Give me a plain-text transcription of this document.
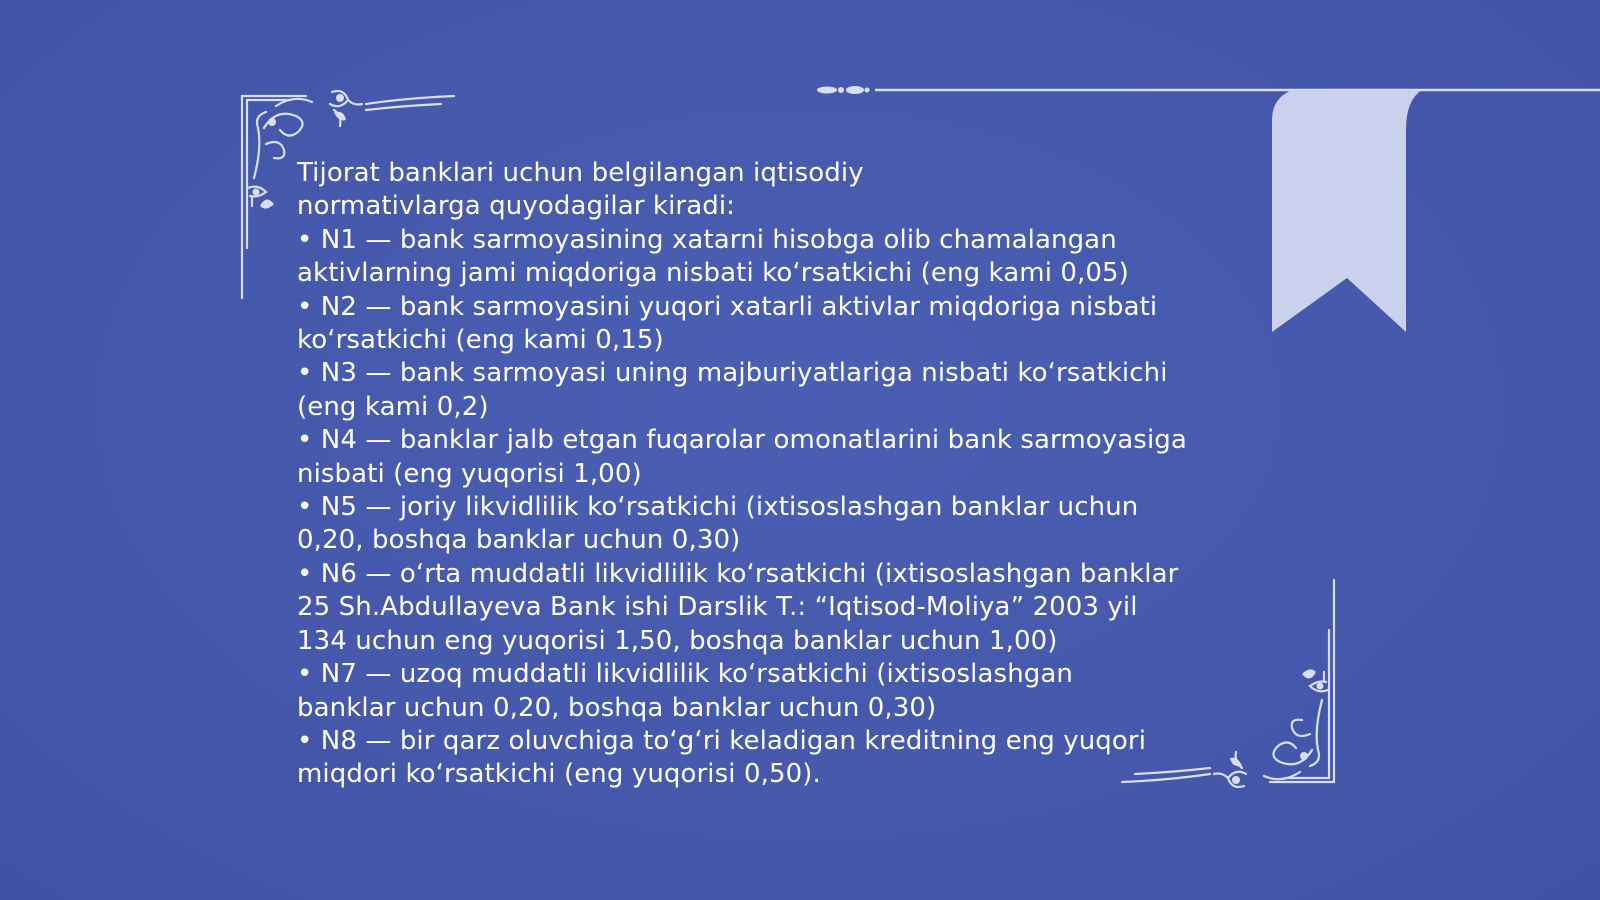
Tijorat banklari uchun belgilangan iqtisodiy
normativlarga quyodagilar kiradi:
• N1 — bank sarmoyasining xatarni hisobga olib chamalangan
aktivlarning jami miqdoriga nisbati ko‘rsatkichi (eng kami 0,05)
• N2 — bank sarmoyasini yuqori xatarli aktivlar miqdoriga nisbati
ko‘rsatkichi (eng kami 0,15)
• N3 — bank sarmoyasi uning majburiyatlariga nisbati ko‘rsatkichi
(eng kami 0,2)
• N4 — banklar jalb etgan fuqarolar omonatlarini bank sarmoyasiga
nisbati (eng yuqorisi 1,00)
• N5 — joriy likvidlilik ko‘rsatkichi (ixtisoslashgan banklar uchun
0,20, boshqa banklar uchun 0,30)
• N6 — o‘rta muddatli likvidlilik ko‘rsatkichi (ixtisoslashgan banklar
25 Sh.Abdullayeva Bank ishi Darslik T.: “Iqtisod-Moliya” 2003 yil
134 uchun eng yuqorisi 1,50, boshqa banklar uchun 1,00)
• N7 — uzoq muddatli likvidlilik ko‘rsatkichi (ixtisoslashgan
banklar uchun 0,20, boshqa banklar uchun 0,30)
• N8 — bir qarz oluvchiga to‘g‘ri keladigan kreditning eng yuqori
miqdori ko‘rsatkichi (eng yuqorisi 0,50).
